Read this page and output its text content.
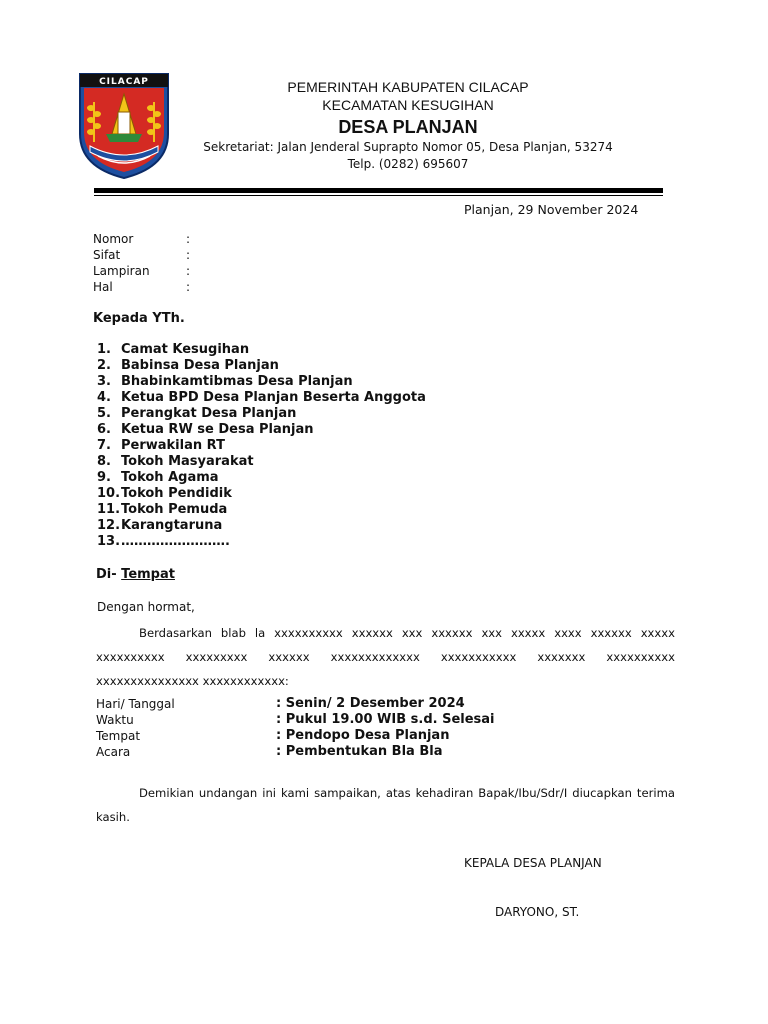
CILACAP	PEMERINTAH KABUPATEN CILACAP
KECAMATAN KESUGIHAN
DESA PLANJAN
Sekretariat: Jalan Jenderal Suprapto Nomor 05, Desa Planjan, 53274
Telp. (0282) 695607
Planjan, 29 November 2024
Nomor	:
Sifat	:
Lampiran	:
Hal	:
Kepada YTh.
1. Camat Kesugihan
2. Babinsa Desa Planjan
3. Bhabinkamtibmas Desa Planjan
4. Ketua BPD Desa Planjan Beserta Anggota
5. Perangkat Desa Planjan
6. Ketua RW se Desa Planjan
7. Perwakilan RT
8. Tokoh Masyarakat
9. Tokoh Agama
10. Tokoh Pendidik
11. Tokoh Pemuda
12. Karangtaruna
13. …………………….
Di- Tempat
Dengan hormat,
Berdasarkan blab la xxxxxxxxxx xxxxxx xxx xxxxxx xxx xxxxx xxxx xxxxxx xxxxx xxxxxxxxxx xxxxxxxxx xxxxxx xxxxxxxxxxxxx xxxxxxxxxxx xxxxxxx xxxxxxxxxx xxxxxxxxxxxxxxx xxxxxxxxxxxx:
Hari/ Tanggal	: Senin/ 2 Desember 2024
Waktu	: Pukul 19.00 WIB s.d. Selesai
Tempat	: Pendopo Desa Planjan
Acara	: Pembentukan Bla Bla
Demikian undangan ini kami sampaikan, atas kehadiran Bapak/Ibu/Sdr/I diucapkan terima kasih.
KEPALA DESA PLANJAN
DARYONO, ST.
